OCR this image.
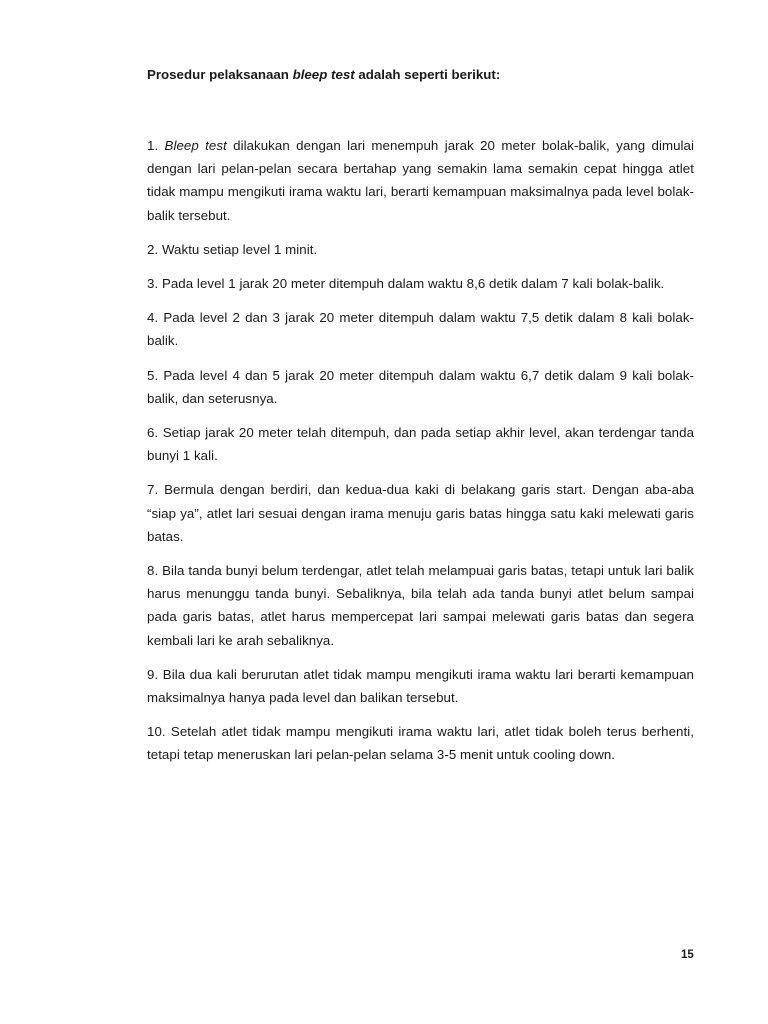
Prosedur pelaksanaan bleep test adalah seperti berikut:

1. Bleep test dilakukan dengan lari menempuh jarak 20 meter bolak-balik, yang dimulai dengan lari pelan-pelan secara bertahap yang semakin lama semakin cepat hingga atlet tidak mampu mengikuti irama waktu lari, berarti kemampuan maksimalnya pada level bolak-balik tersebut.

2. Waktu setiap level 1 minit.

3. Pada level 1 jarak 20 meter ditempuh dalam waktu 8,6 detik dalam 7 kali bolak-balik.

4. Pada level 2 dan 3 jarak 20 meter ditempuh dalam waktu 7,5 detik dalam 8 kali bolak-balik.

5. Pada level 4 dan 5 jarak 20 meter ditempuh dalam waktu 6,7 detik dalam 9 kali bolak-balik, dan seterusnya.

6. Setiap jarak 20 meter telah ditempuh, dan pada setiap akhir level, akan terdengar tanda bunyi 1 kali.

7. Bermula dengan berdiri, dan kedua-dua kaki di belakang garis start. Dengan aba-aba “siap ya”, atlet lari sesuai dengan irama menuju garis batas hingga satu kaki melewati garis batas.

8. Bila tanda bunyi belum terdengar, atlet telah melampuai garis batas, tetapi untuk lari balik harus menunggu tanda bunyi. Sebaliknya, bila telah ada tanda bunyi atlet belum sampai pada garis batas, atlet harus mempercepat lari sampai melewati garis batas dan segera kembali lari ke arah sebaliknya.

9. Bila dua kali berurutan atlet tidak mampu mengikuti irama waktu lari berarti kemampuan maksimalnya hanya pada level dan balikan tersebut.

10. Setelah atlet tidak mampu mengikuti irama waktu lari, atlet tidak boleh terus berhenti, tetapi tetap meneruskan lari pelan-pelan selama 3-5 menit untuk cooling down.

15
